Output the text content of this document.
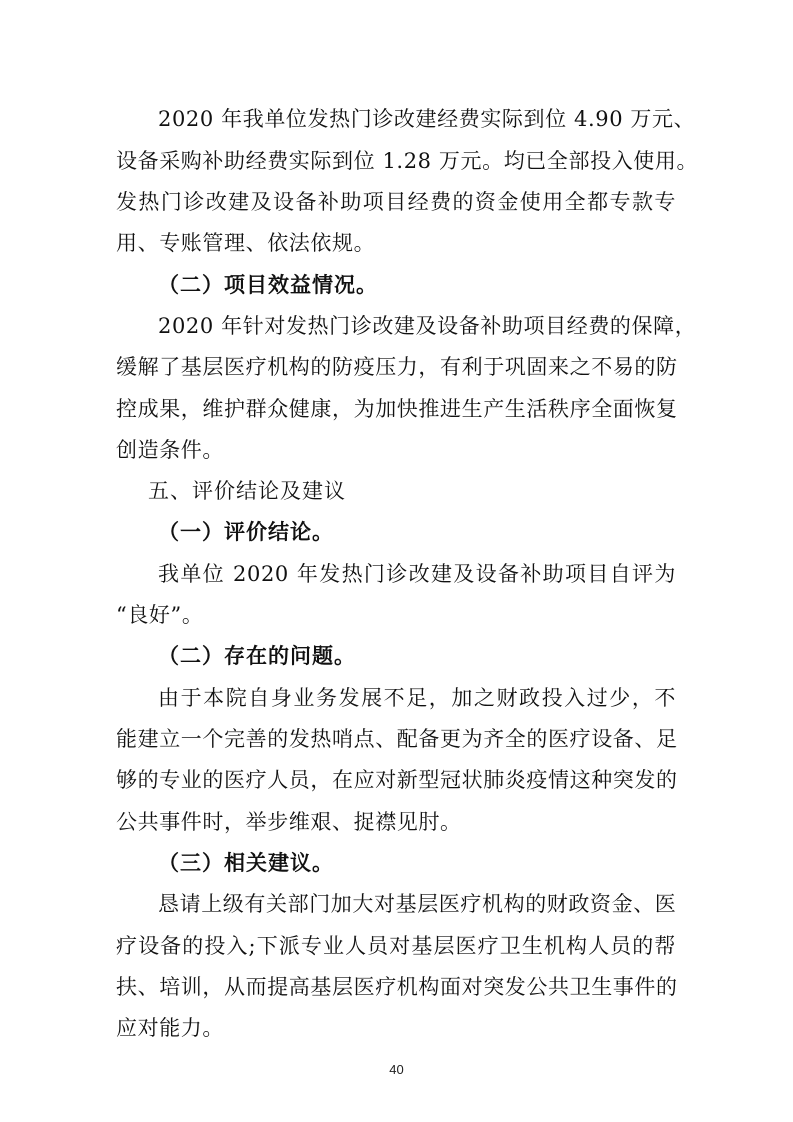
2020 年我单位发热门诊改建经费实际到位 4.90 万元、
设备采购补助经费实际到位 1.28 万元。均已全部投入使用。
发热门诊改建及设备补助项目经费的资金使用全都专款专
用、专账管理、依法依规。
（二）项目效益情况。
2020 年针对发热门诊改建及设备补助项目经费的保障，
缓解了基层医疗机构的防疫压力，有利于巩固来之不易的防
控成果，维护群众健康，为加快推进生产生活秩序全面恢复
创造条件。
五、评价结论及建议
（一）评价结论。
我单位 2020 年发热门诊改建及设备补助项目自评为
“良好”。
（二）存在的问题。
由于本院自身业务发展不足，加之财政投入过少，不
能建立一个完善的发热哨点、配备更为齐全的医疗设备、足
够的专业的医疗人员，在应对新型冠状肺炎疫情这种突发的
公共事件时，举步维艰、捉襟见肘。
（三）相关建议。
恳请上级有关部门加大对基层医疗机构的财政资金、医
疗设备的投入;下派专业人员对基层医疗卫生机构人员的帮
扶、培训，从而提高基层医疗机构面对突发公共卫生事件的
应对能力。
40
